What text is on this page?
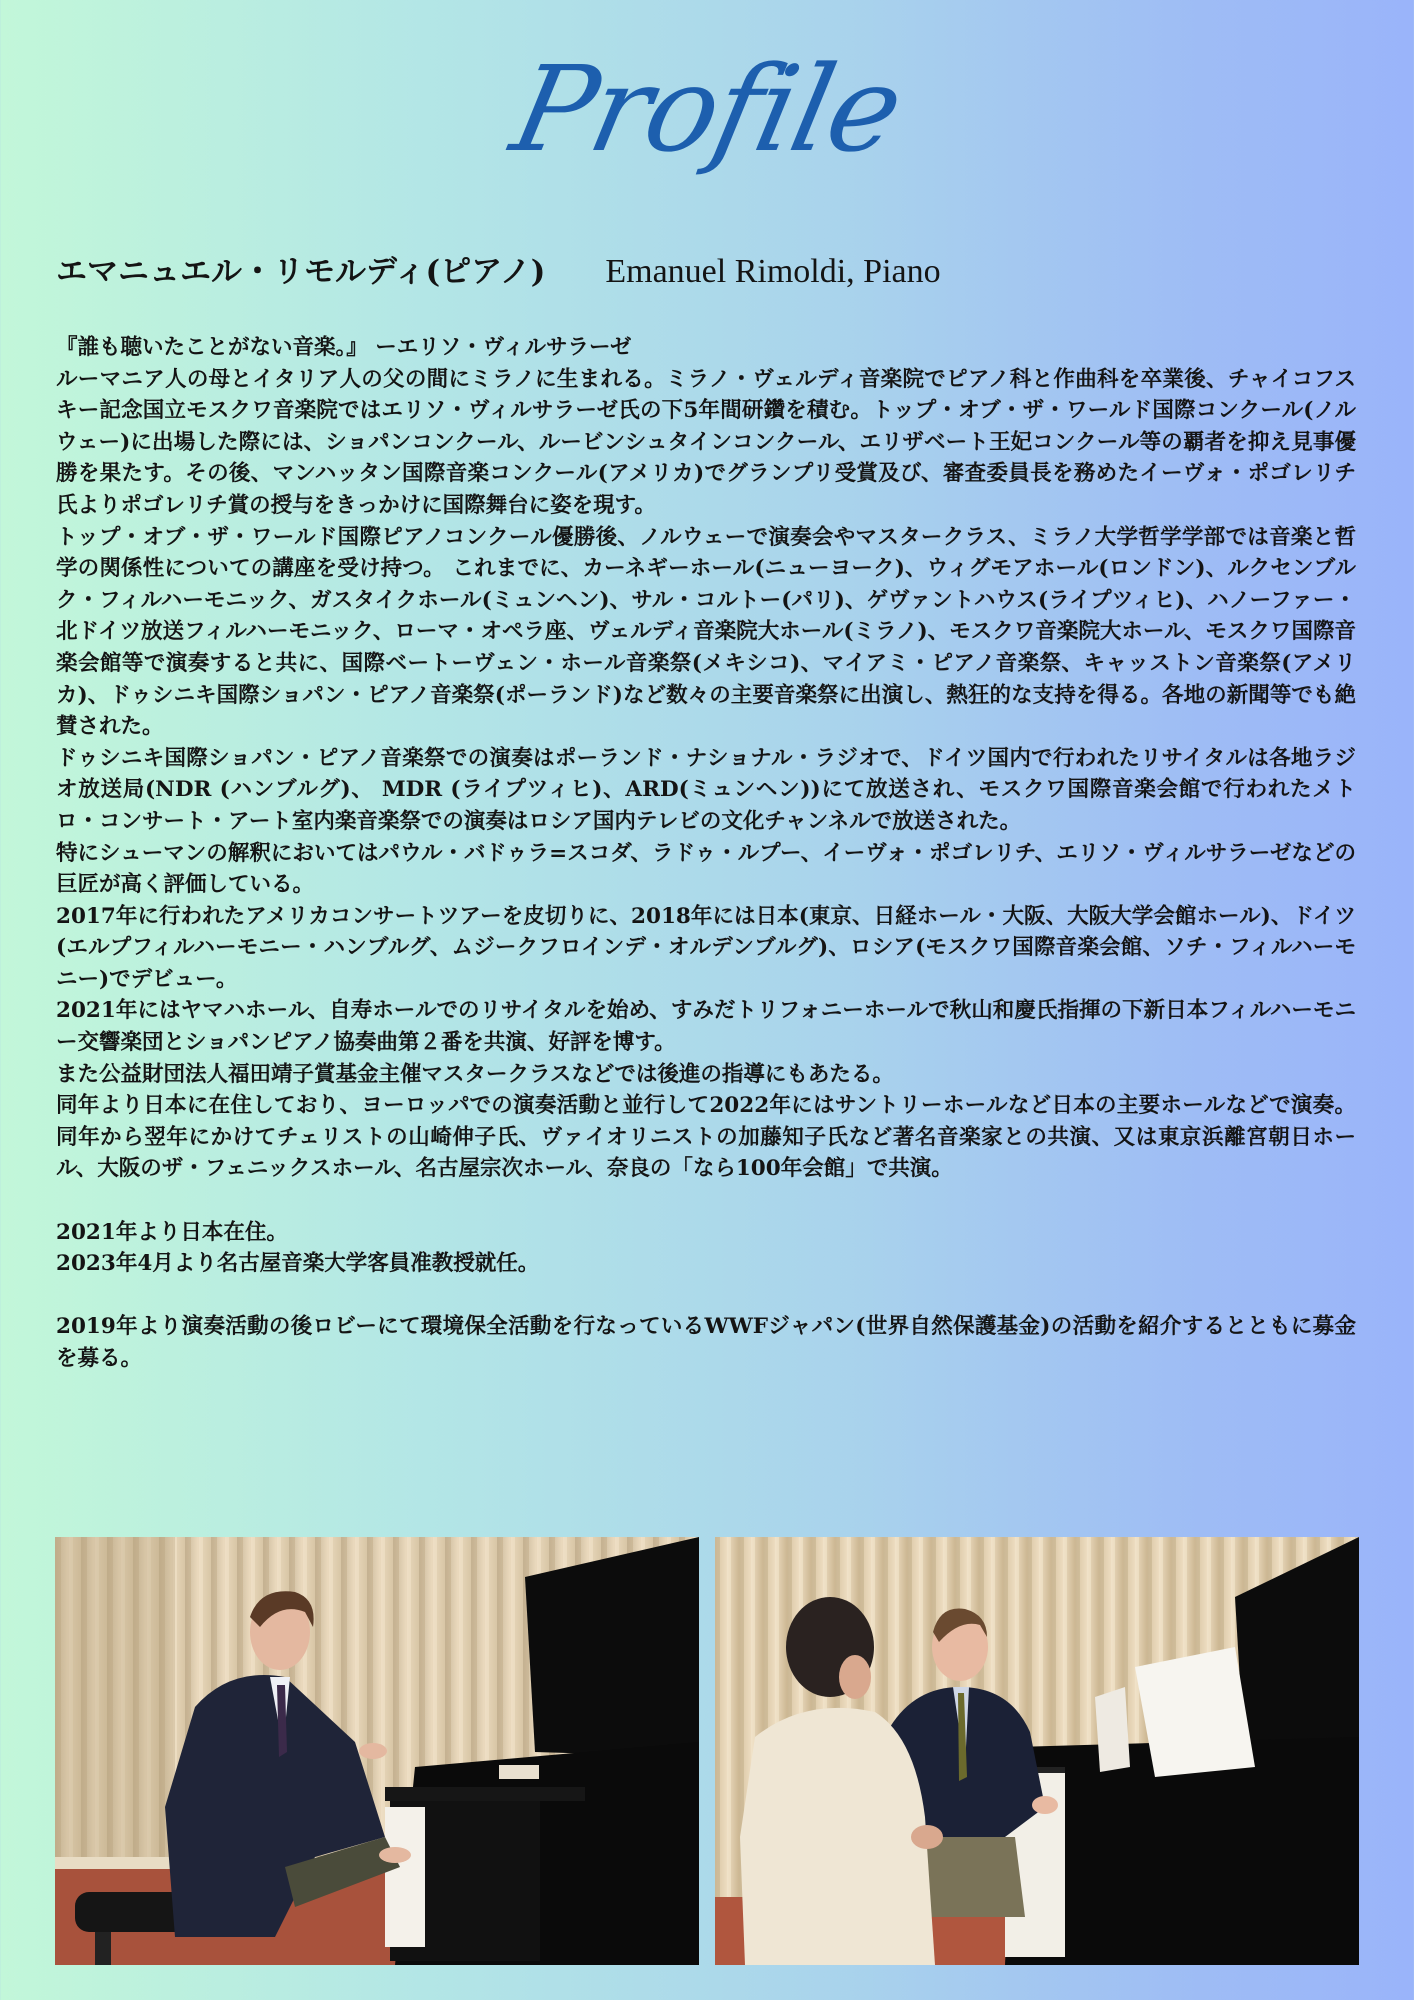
Profile
エマニュエル・リモルディ(ピアノ) Emanuel Rimoldi, Piano

『誰も聴いたことがない音楽。』 ーエリソ・ヴィルサラーゼ

ルーマニア人の母とイタリア人の父の間にミラノに生まれる。ミラノ・ヴェルディ音楽院でピアノ科と作曲科を卒業後、チャイコフスキー記念国立モスクワ音楽院ではエリソ・ヴィルサラーゼ氏の下5年間研鑽を積む。トップ・オブ・ザ・ワールド国際コンクール(ノルウェー)に出場した際には、ショパンコンクール、ルービンシュタインコンクール、エリザベート王妃コンクール等の覇者を抑え見事優勝を果たす。その後、マンハッタン国際音楽コンクール(アメリカ)でグランプリ受賞及び、審査委員長を務めたイーヴォ・ポゴレリチ氏よりポゴレリチ賞の授与をきっかけに国際舞台に姿を現す。

トップ・オブ・ザ・ワールド国際ピアノコンクール優勝後、ノルウェーで演奏会やマスタークラス、ミラノ大学哲学学部では音楽と哲学の関係性についての講座を受け持つ。 これまでに、カーネギーホール(ニューヨーク)、ウィグモアホール(ロンドン)、ルクセンブルク・フィルハーモニック、ガスタイクホール(ミュンヘン)、サル・コルトー(パリ)、ゲヴァントハウス(ライプツィヒ)、ハノーファー・北ドイツ放送フィルハーモニック、ローマ・オペラ座、ヴェルディ音楽院大ホール(ミラノ)、モスクワ音楽院大ホール、モスクワ国際音楽会館等で演奏すると共に、国際ベートーヴェン・ホール音楽祭(メキシコ)、マイアミ・ピアノ音楽祭、キャッストン音楽祭(アメリカ)、ドゥシニキ国際ショパン・ピアノ音楽祭(ポーランド)など数々の主要音楽祭に出演し、熱狂的な支持を得る。各地の新聞等でも絶賛された。

ドゥシニキ国際ショパン・ピアノ音楽祭での演奏はポーランド・ナショナル・ラジオで、ドイツ国内で行われたリサイタルは各地ラジオ放送局(NDR (ハンブルグ)、 MDR (ライプツィヒ)、ARD(ミュンヘン))にて放送され、モスクワ国際音楽会館で行われたメトロ・コンサート・アート室内楽音楽祭での演奏はロシア国内テレビの文化チャンネルで放送された。

特にシューマンの解釈においてはパウル・バドゥラ=スコダ、ラドゥ・ルプー、イーヴォ・ポゴレリチ、エリソ・ヴィルサラーゼなどの巨匠が高く評価している。

2017年に行われたアメリカコンサートツアーを皮切りに、2018年には日本(東京、日経ホール・大阪、大阪大学会館ホール)、ドイツ(エルプフィルハーモニー・ハンブルグ、ムジークフロインデ・オルデンブルグ)、ロシア(モスクワ国際音楽会館、ソチ・フィルハーモニー)でデビュー。

2021年にはヤマハホール、自寿ホールでのリサイタルを始め、すみだトリフォニーホールで秋山和慶氏指揮の下新日本フィルハーモニー交響楽団とショパンピアノ協奏曲第２番を共演、好評を博す。

また公益財団法人福田靖子賞基金主催マスタークラスなどでは後進の指導にもあたる。

同年より日本に在住しており、ヨーロッパでの演奏活動と並行して2022年にはサントリーホールなど日本の主要ホールなどで演奏。同年から翌年にかけてチェリストの山崎伸子氏、ヴァイオリニストの加藤知子氏など著名音楽家との共演、又は東京浜離宮朝日ホール、大阪のザ・フェニックスホール、名古屋宗次ホール、奈良の「なら100年会館」で共演。

2021年より日本在住。

2023年4月より名古屋音楽大学客員准教授就任。

2019年より演奏活動の後ロビーにて環境保全活動を行なっているWWFジャパン(世界自然保護基金)の活動を紹介するとともに募金を募る。
